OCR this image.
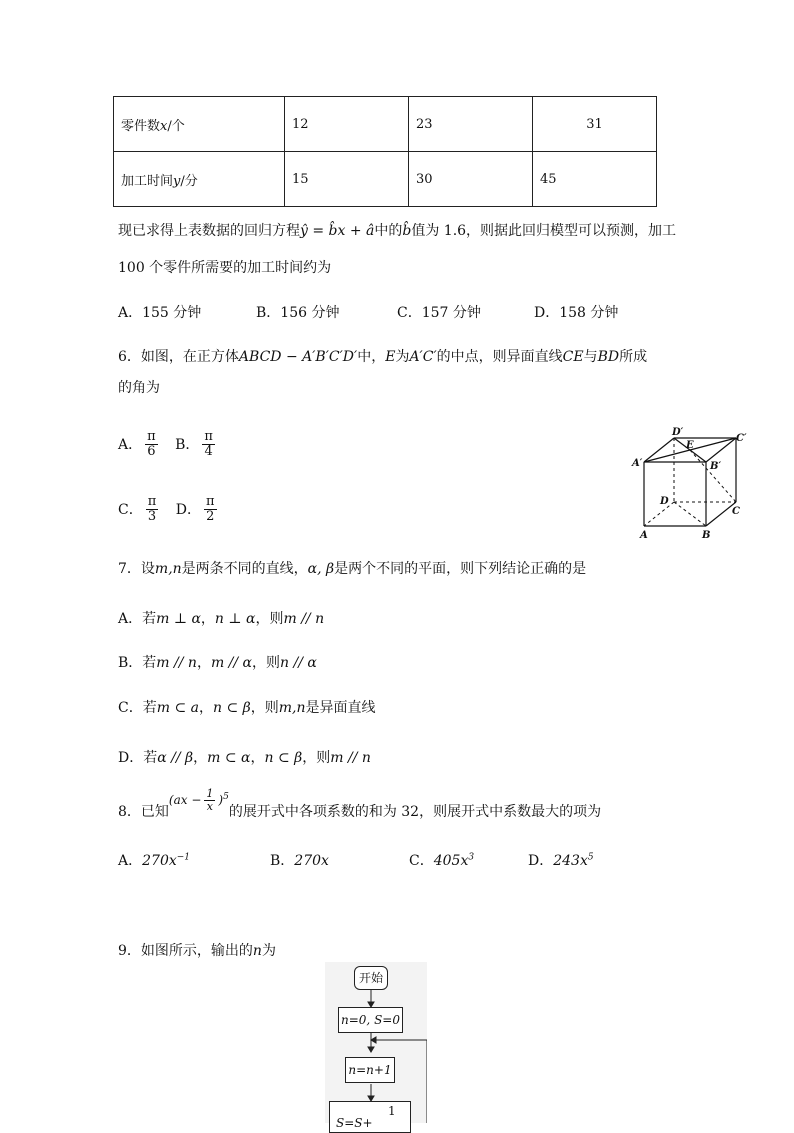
零件数x/个	12	23	31
加工时间y/分	15	30	45
现已求得上表数据的回归方程ŷ = b̂x + â中的b̂值为 1.6，则据此回归模型可以预测，加工
100 个零件所需要的加工时间约为
A．155 分钟	B．156 分钟	C．157 分钟	D．158 分钟
6．如图，在正方体ABCD − A′B′C′D′中，E为A′C′的中点，则异面直线CE与BD所成
的角为
A． $\frac{\pi}{6}$ B． $\frac{\pi}{4}$
C． $\frac{\pi}{3}$ D． $\frac{\pi}{2}$
A′
D′
C′
B′
E
D
C
A	B
7．设m,n是两条不同的直线，α, β是两个不同的平面，则下列结论正确的是
A．若m ⊥ α，n ⊥ α，则m // n
B．若m // n，m // α，则n // α
C．若m ⊂ a，n ⊂ β，则m,n是异面直线
D．若α // β，m ⊂ α，n ⊂ β，则m // n
8．已知$(ax - \frac{1}{x} )^5$的展开式中各项系数的和为 32，则展开式中系数最大的项为
A．$270x^{-1}$	B．270x	C．$405x^3$	D．$243x^5$
9．如图所示，输出的n为
开始
n=0, S=0
n=n+1
S=S+
1
